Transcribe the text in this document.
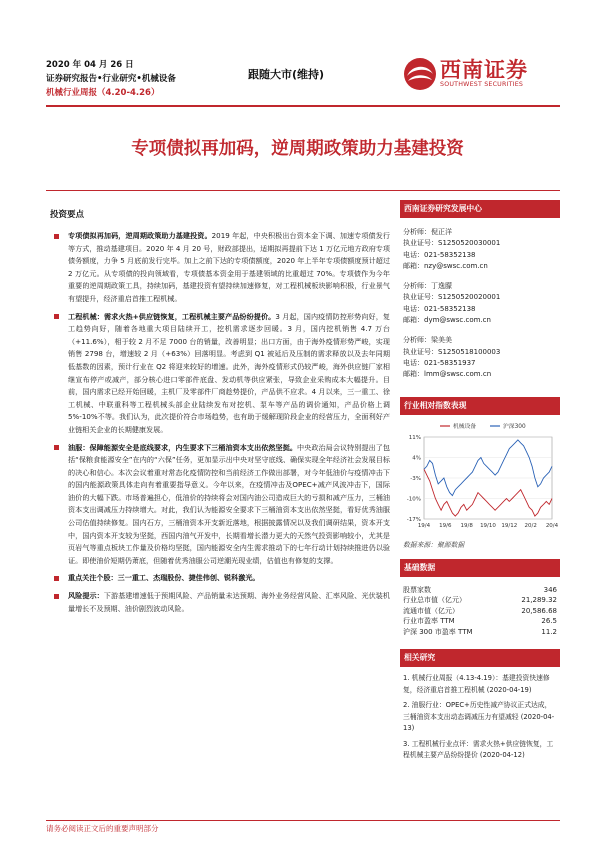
2020 年 04 月 26 日
证券研究报告•行业研究•机械设备
机械行业周报（4.20-4.26）
跟随大市(维持)	西南证券
SOUTHWEST SECURITIES
专项债拟再加码，逆周期政策助力基建投资
投资要点
专项债拟再加码，逆周期政策助力基建投资。2019 年起，中央积极出台资本金下调、加速专项债发行等方式，推动基建项目。2020 年 4 月 20 号，财政部提出，适期拟再提前下达 1 万亿元地方政府专项债务额度，力争 5 月底前发行完毕。加上之前下达的专项债额度，2020 年上半年专项债额度预计超过 2 万亿元。从专项债的投向领域看，专项债基本资金用于基建领域的比重超过 70%。专项债作为今年重要的逆周期政策工具，持续加码，基建投资有望持续加速修复，对工程机械板块影响积极，行业景气有望提升，经济重启首推工程机械。
工程机械：需求火热+供应链恢复，工程机械主要产品纷纷提价。3 月起，国内疫情防控形势向好，复工趋势向好，随着各地重大项目陆续开工，挖机需求逐步回暖。3 月，国内挖机销售 4.7 万台（+11.6%），相于较 2 月不足 7000 台的销量，改善明显；出口方面，由于海外疫情形势严峻，实现销售 2798 台，增速较 2 月（+63%）回落明显。考虑到 Q1 被延后及压制的需求释放以及去年同期低基数的因素，预计行业在 Q2 将迎来较好的增速。此外，海外疫情形式仍较严峻，海外供应链厂家相继宣布停产或减产，部分核心进口零部件底盘、发动机等供应紧张，导致企业采购成本大幅提升。目前，国内需求已经开始回暖，主机厂及零部件厂商趁势提价，产品供不应求。4 月以来，三一重工、徐工机械、中联重科等工程机械头部企业陆续发布对挖机、泵车等产品的调价通知，产品价格上调 5%-10%不等。我们认为，此次提价符合市场趋势，也有助于缓解现阶段企业的经营压力，全面利好产业链相关企业的长期健康发展。
油服：保障能源安全是底线要求，内生要求下三桶油资本支出依然坚挺。中央政治局会议特别提出了包括“保粮食能源安全”在内的“六保”任务，更加显示出中央对坚守底线、确保实现全年经济社会发展目标的决心和信心。本次会议着重对常态化疫情防控和当前经济工作做出部署，对今年低油价与疫情冲击下的国内能源政策具体走向有着重要指导意义。今年以来，在疫情冲击及OPEC+减产风波冲击下，国际油价的大幅下跌。市场普遍担心，低油价的持续将会对国内油公司造成巨大的亏损和减产压力，三桶油资本支出调减压力持续增大。对此，我们认为能源安全要求下三桶油资本支出依然坚挺，看好优秀油服公司估值持续修复。国内石方，三桶油资本开支新近落地，根据披露情况以及我们调研结果，资本开支中，国内资本开支较为坚挺，西国内油气开发中，长期看增长潜力更大的天然气投资影响较小，尤其是页岩气等重点板块工作量及价格均坚挺，国内能源安全内生需求推动下的七年行动计划持续推进仍以验证。即使油价短期仍萧底，但随着优秀油服公司逆潮光现业绩，估值也有修复的支撑。
重点关注个股：三一重工、杰瑞股份、捷佳伟创、锐科激光。
风险提示：下游基建增速低于预期风险、产品销量未达预期、海外业务经营风险、汇率风险、光伏装机量增长不及预期、油价剧烈波动风险。
西南证券研究发展中心
分析师：倪正洋
执业证号：S1250520030001
电话：021-58352138
邮箱：nzy@swsc.com.cn
分析师：丁逸朦
执业证号：S1250520020001
电话：021-58352138
邮箱：dym@swsc.com.cn
分析师：梁美美
执业证号：S1250518100003
电话：021-58351937
邮箱：lmm@swsc.com.cn
行业相对指数表现
11%
4%
-3%
-10%
-17%
19/4 19/6 19/8 19/10 19/12 20/2 20/4
机械设备	沪深300
数据来源：聚源数据
基础数据
股票家数	346
行业总市值（亿元）	21,289.32
流通市值（亿元）	20,586.68
行业市盈率 TTM	26.5
沪深 300 市盈率 TTM	11.2
相关研究
1. 机械行业周报（4.13-4.19）：基建投资快速修复，经济重启首推工程机械 (2020-04-19)
2. 油服行业：OPEC+历史性减产协议正式达成，三桶油资本支出动态调减压力有望减轻 (2020-04-13)
3. 工程机械行业点评：需求火热+供应链恢复，工程机械主要产品纷纷提价 (2020-04-12)
请务必阅读正文后的重要声明部分
